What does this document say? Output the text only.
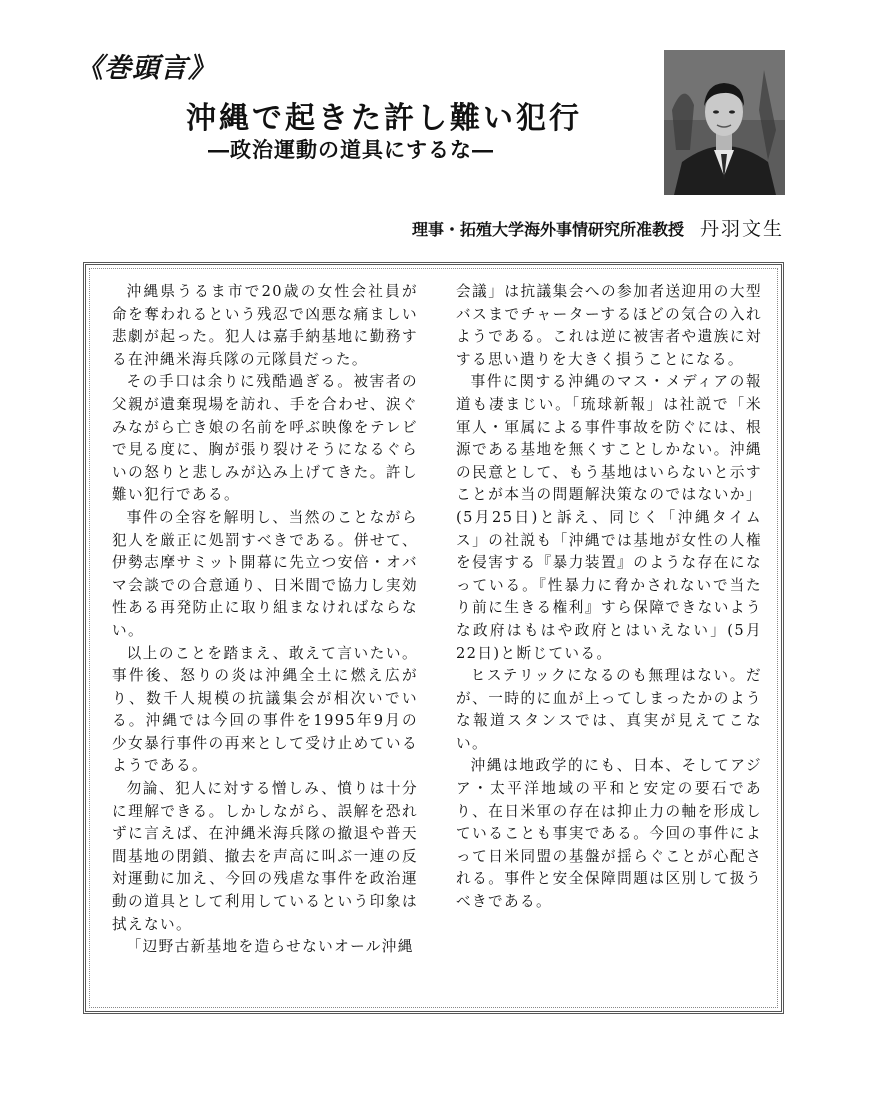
《巻頭言》
沖縄で起きた許し難い犯行
―政治運動の道具にするな―
理事・拓殖大学海外事情研究所准教授 丹羽文生

沖縄県うるま市で20歳の女性会社員が命を奪われるという残忍で凶悪な痛ましい悲劇が起った。犯人は嘉手納基地に勤務する在沖縄米海兵隊の元隊員だった。

その手口は余りに残酷過ぎる。被害者の父親が遺棄現場を訪れ、手を合わせ、涙ぐみながら亡き娘の名前を呼ぶ映像をテレビで見る度に、胸が張り裂けそうになるぐらいの怒りと悲しみが込み上げてきた。許し難い犯行である。

事件の全容を解明し、当然のことながら犯人を厳正に処罰すべきである。併せて、伊勢志摩サミット開幕に先立つ安倍・オバマ会談での合意通り、日米間で協力し実効性ある再発防止に取り組まなければならない。

以上のことを踏まえ、敢えて言いたい。事件後、怒りの炎は沖縄全土に燃え広がり、数千人規模の抗議集会が相次いでいる。沖縄では今回の事件を1995年9月の少女暴行事件の再来として受け止めているようである。

勿論、犯人に対する憎しみ、憤りは十分に理解できる。しかしながら、誤解を恐れずに言えば、在沖縄米海兵隊の撤退や普天間基地の閉鎖、撤去を声高に叫ぶ一連の反対運動に加え、今回の残虐な事件を政治運動の道具として利用しているという印象は拭えない。

「辺野古新基地を造らせないオール沖縄

会議」は抗議集会への参加者送迎用の大型バスまでチャーターするほどの気合の入れようである。これは逆に被害者や遺族に対する思い遣りを大きく損うことになる。

事件に関する沖縄のマス・メディアの報道も凄まじい。「琉球新報」は社説で「米軍人・軍属による事件事故を防ぐには、根源である基地を無くすことしかない。沖縄の民意として、もう基地はいらないと示すことが本当の問題解決策なのではないか」(5月25日)と訴え、同じく「沖縄タイムス」の社説も「沖縄では基地が女性の人権を侵害する『暴力装置』のような存在になっている。『性暴力に脅かされないで当たり前に生きる権利』すら保障できないような政府はもはや政府とはいえない」(5月22日)と断じている。

ヒステリックになるのも無理はない。だが、一時的に血が上ってしまったかのような報道スタンスでは、真実が見えてこない。

沖縄は地政学的にも、日本、そしてアジア・太平洋地域の平和と安定の要石であり、在日米軍の存在は抑止力の軸を形成していることも事実である。今回の事件によって日米同盟の基盤が揺らぐことが心配される。事件と安全保障問題は区別して扱うべきである。
